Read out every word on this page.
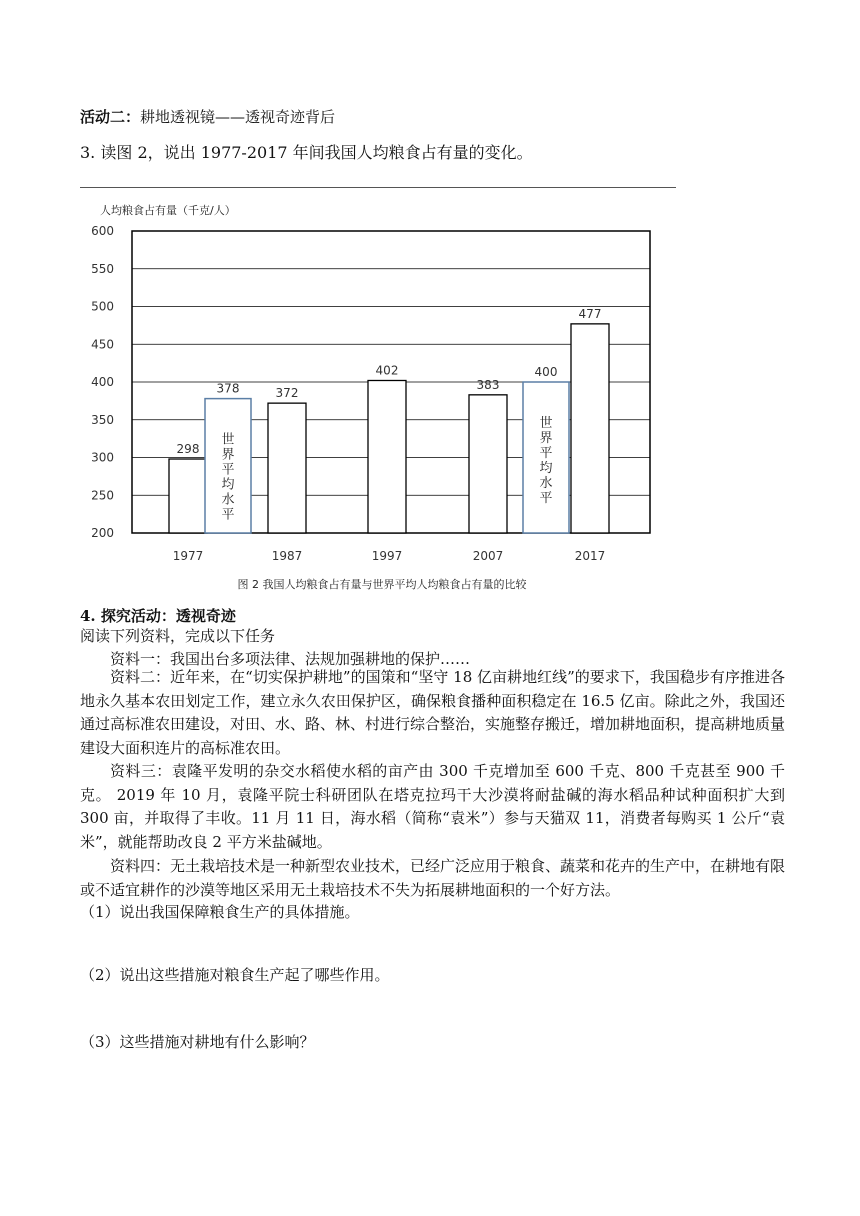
活动二：耕地透视镜——透视奇迹背后
3. 读图 2，说出 1977-2017 年间我国人均粮食占有量的变化。
人均粮食占有量（千克/人）
200
250
300
350
400
450
500
550
600
298
1977
372
1987
402
1997
383
2007
477
2017
378
世
界
平
均
水
平
400
世
界
平
均
水
平
图 2 我国人均粮食占有量与世界平均人均粮食占有量的比较
4. 探究活动：透视奇迹
阅读下列资料，完成以下任务
资料一：我国出台多项法律、法规加强耕地的保护……
资料二：近年来，在“切实保护耕地”的国策和“坚守 18 亿亩耕地红线”的要求下，我国稳步有序推进各地永久基本农田划定工作，建立永久农田保护区，确保粮食播种面积稳定在 16.5 亿亩。除此之外，我国还通过高标准农田建设，对田、水、路、林、村进行综合整治，实施整存搬迁，增加耕地面积，提高耕地质量建设大面积连片的高标准农田。
资料三：袁隆平发明的杂交水稻使水稻的亩产由 300 千克增加至 600 千克、800 千克甚至 900 千克。 2019 年 10 月，袁隆平院士科研团队在塔克拉玛干大沙漠将耐盐碱的海水稻品种试种面积扩大到 300 亩，并取得了丰收。11 月 11 日，海水稻（简称“袁米”）参与天猫双 11，消费者每购买 1 公斤“袁米”，就能帮助改良 2 平方米盐碱地。
资料四：无土栽培技术是一种新型农业技术，已经广泛应用于粮食、蔬菜和花卉的生产中，在耕地有限或不适宜耕作的沙漠等地区采用无土栽培技术不失为拓展耕地面积的一个好方法。
（1）说出我国保障粮食生产的具体措施。
（2）说出这些措施对粮食生产起了哪些作用。
（3）这些措施对耕地有什么影响？
